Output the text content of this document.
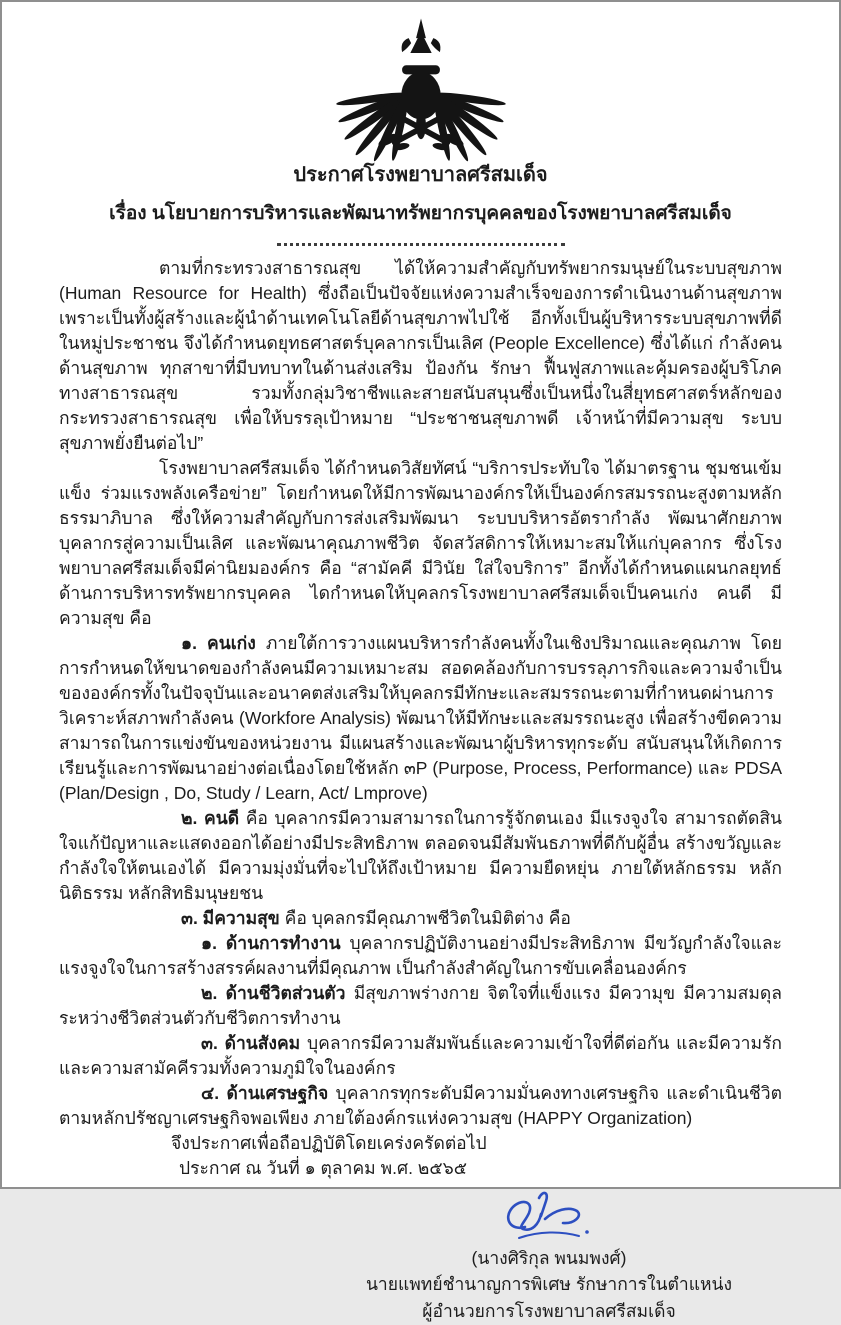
ประกาศโรงพยาบาลศรีสมเด็จ
เรื่อง นโยบายการบริหารและพัฒนาทรัพยากรบุคคลของโรงพยาบาลศรีสมเด็จ

ตามที่กระทรวงสาธารณสุข ได้ให้ความสำคัญกับทรัพยากรมนุษย์ในระบบสุขภาพ (Human Resource for Health) ซึ่งถือเป็นปัจจัยแห่งความสำเร็จของการดำเนินงานด้านสุขภาพ เพราะเป็นทั้งผู้สร้างและผู้นำด้านเทคโนโลยีด้านสุขภาพไปใช้ อีกทั้งเป็นผู้บริหารระบบสุขภาพที่ดีในหมู่ประชาชน จึงได้กำหนดยุทธศาสตร์บุคลากรเป็นเลิศ (People Excellence) ซึ่งได้แก่ กำลังคนด้านสุขภาพ ทุกสาขาที่มีบทบาทในด้านส่งเสริม ป้องกัน รักษา ฟื้นฟูสภาพและคุ้มครองผู้บริโภคทางสาธารณสุข รวมทั้งกลุ่มวิชาชีพและสายสนับสนุนซึ่งเป็นหนึ่งในสี่ยุทธศาสตร์หลักของกระทรวงสาธารณสุข เพื่อให้บรรลุเป้าหมาย “ประชาชนสุขภาพดี เจ้าหน้าที่มีความสุข ระบบสุขภาพยั่งยืนต่อไป”

โรงพยาบาลศรีสมเด็จ ได้กำหนดวิสัยทัศน์ “บริการประทับใจ ได้มาตรฐาน ชุมชนเข้มแข็ง ร่วมแรงพลังเครือข่าย” โดยกำหนดให้มีการพัฒนาองค์กรให้เป็นองค์กรสมรรถนะสูงตามหลักธรรมาภิบาล ซึ่งให้ความสำคัญกับการส่งเสริมพัฒนา ระบบบริหารอัตรากำลัง พัฒนาศักยภาพบุคลากรสู่ความเป็นเลิศ และพัฒนาคุณภาพชีวิต จัดสวัสดิการให้เหมาะสมให้แก่บุคลากร ซึ่งโรงพยาบาลศรีสมเด็จมีค่านิยมองค์กร คือ “สามัคคี มีวินัย ใส่ใจบริการ” อีกทั้งได้กำหนดแผนกลยุทธ์ด้านการบริหารทรัพยากรบุคคล ไดกำหนดให้บุคลกรโรงพยาบาลศรีสมเด็จเป็นคนเก่ง คนดี มีความสุข คือ

๑. คนเก่ง ภายใต้การวางแผนบริหารกำลังคนทั้งในเชิงปริมาณและคุณภาพ โดยการกำหนดให้ขนาดของกำลังคนมีความเหมาะสม สอดคล้องกับการบรรลุภารกิจและความจำเป็นขององค์กรทั้งในปัจจุบันและอนาคตส่งเสริมให้บุคลกรมีทักษะและสมรรถนะตามที่กำหนดผ่านการวิเคราะห์สภาพกำลังคน (Workfore Analysis) พัฒนาให้มีทักษะและสมรรถนะสูง เพื่อสร้างขีดความสามารถในการแข่งขันของหน่วยงาน มีแผนสร้างและพัฒนาผู้บริหารทุกระดับ สนับสนุนให้เกิดการเรียนรู้และการพัฒนาอย่างต่อเนื่องโดยใช้หลัก ๓P (Purpose, Process, Performance) และ PDSA (Plan/Design , Do, Study / Learn, Act/ Lmprove)

๒. คนดี คือ บุคลากรมีความสามารถในการรู้จักตนเอง มีแรงจูงใจ สามารถตัดสินใจแก้ปัญหาและแสดงออกได้อย่างมีประสิทธิภาพ ตลอดจนมีสัมพันธภาพที่ดีกับผู้อื่น สร้างขวัญและกำลังใจให้ตนเองได้ มีความมุ่งมั่นที่จะไปให้ถึงเป้าหมาย มีความยืดหยุ่น ภายใต้หลักธรรม หลักนิติธรรม หลักสิทธิมนุษยชน

๓. มีความสุข คือ บุคลกรมีคุณภาพชีวิตในมิติต่าง คือ

๑. ด้านการทำงาน บุคลากรปฏิบัติงานอย่างมีประสิทธิภาพ มีขวัญกำลังใจและแรงจูงใจในการสร้างสรรค์ผลงานที่มีคุณภาพ เป็นกำลังสำคัญในการขับเคลื่อนองค์กร

๒. ด้านชีวิตส่วนตัว มีสุขภาพร่างกาย จิตใจที่แข็งแรง มีความุข มีความสมดุลระหว่างชีวิตส่วนตัวกับชีวิตการทำงาน

๓. ด้านสังคม บุคลากรมีความสัมพันธ์และความเข้าใจที่ดีต่อกัน และมีความรักและความสามัคคีรวมทั้งความภูมิใจในองค์กร

๔. ด้านเศรษฐกิจ บุคลากรทุกระดับมีความมั่นคงทางเศรษฐกิจ และดำเนินชีวิตตามหลักปรัชญาเศรษฐกิจพอเพียง ภายใต้องค์กรแห่งความสุข (HAPPY Organization)

จึงประกาศเพื่อถือปฏิบัติโดยเคร่งครัดต่อไป

ประกาศ ณ วันที่ ๑ ตุลาคม พ.ศ. ๒๕๖๕

(นางศิริกุล พนมพงศ์)

นายแพทย์ชำนาญการพิเศษ รักษาการในตำแหน่ง

ผู้อำนวยการโรงพยาบาลศรีสมเด็จ
